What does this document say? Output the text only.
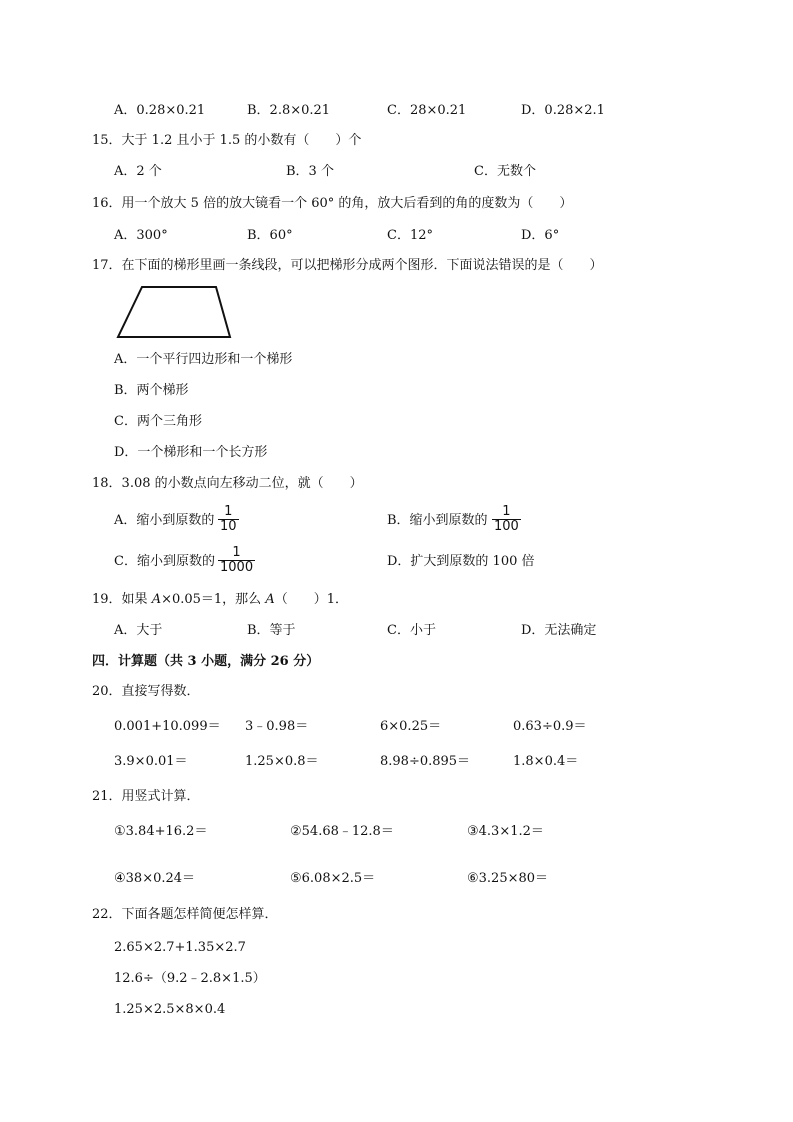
A．0.28×0.21	B．2.8×0.21	C．28×0.21	D．0.28×2.1
15．大于 1.2 且小于 1.5 的小数有（　　）个
A．2 个	B．3 个	C．无数个
16．用一个放大 5 倍的放大镜看一个 60° 的角，放大后看到的角的度数为（　　）
A．300°	B．60°	C．12°	D．6°
17．在下面的梯形里画一条线段，可以把梯形分成两个图形．下面说法错误的是（　　）
A．一个平行四边形和一个梯形
B．两个梯形
C．两个三角形
D．一个梯形和一个长方形
18．3.08 的小数点向左移动二位，就（　　）
A．缩小到原数的 $\frac{1}{10}$	B．缩小到原数的 $\frac{1}{100}$
C．缩小到原数的 $\frac{1}{1000}$	D．扩大到原数的 100 倍
19．如果 A×0.05＝1，那么 A（　　）1．
A．大于	B．等于	C．小于	D．无法确定
四．计算题（共 3 小题，满分 26 分）
20．直接写得数．
0.001+10.099＝ 3﹣0.98＝	6×0.25＝	0.63÷0.9＝
3.9×0.01＝	1.25×0.8＝	8.98÷0.895＝	1.8×0.4＝
21．用竖式计算．
①3.84+16.2＝	②54.68﹣12.8＝	③4.3×1.2＝
④38×0.24＝	⑤6.08×2.5＝	⑥3.25×80＝
22．下面各题怎样简便怎样算．
2.65×2.7+1.35×2.7
12.6÷（9.2﹣2.8×1.5）
1.25×2.5×8×0.4
